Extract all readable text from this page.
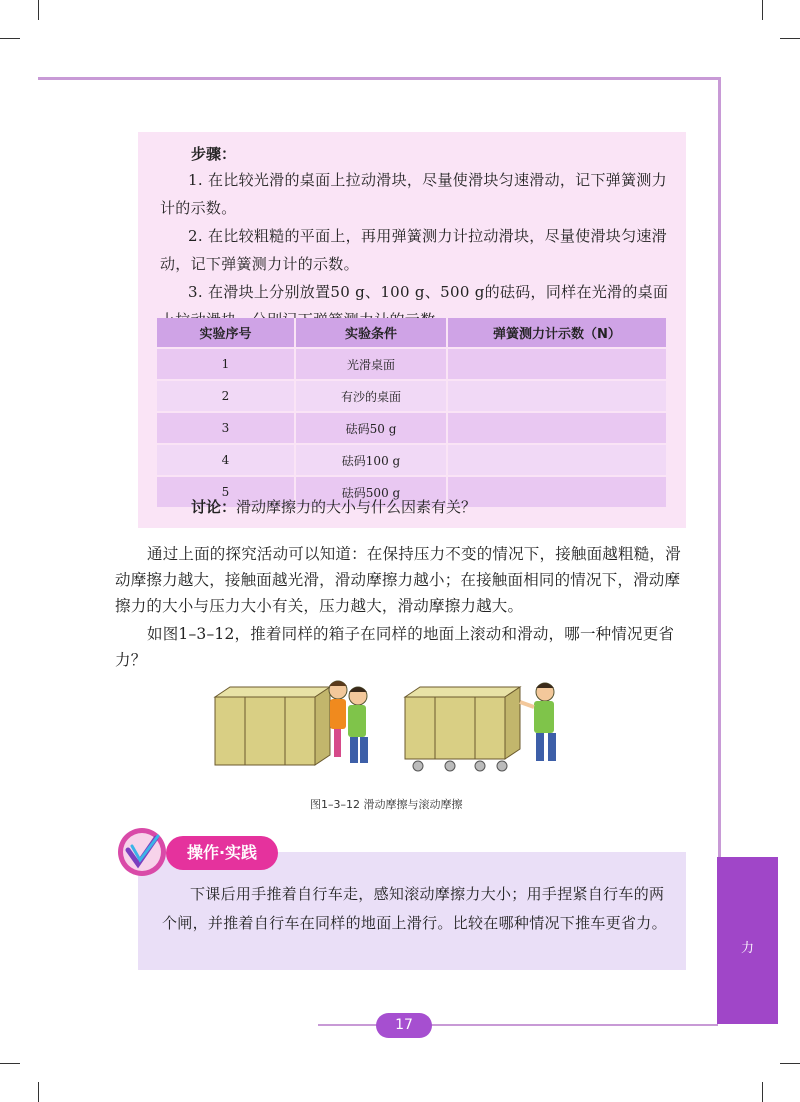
力
步骤：
1. 在比较光滑的桌面上拉动滑块，尽量使滑块匀速滑动，记下弹簧测力计的示数。
2. 在比较粗糙的平面上，再用弹簧测力计拉动滑块，尽量使滑块匀速滑动，记下弹簧测力计的示数。
3. 在滑块上分别放置50 g、100 g、500 g的砝码，同样在光滑的桌面
实验序号	实验条件	弹簧测力计示数（N）
1	光滑桌面	
2	有沙的桌面	
3	砝码50 g	
4	砝码100 g	
5	砝码500 g	
讨论：滑动摩擦力的大小与什么因素有关？
通过上面的探究活动可以知道：在保持压力不变的情况下，接触面越粗糙，滑动摩擦力越大，接触面越光滑，滑动摩擦力越小；在接触面相同的情况下，滑动摩擦力的大小与压力大小有关，压力越大，滑动摩擦力越大。
如图1–3–12，推着同样的箱子在同样的地面上滚动和滑动，哪一种情况更省力？
图1–3–12 滑动摩擦与滚动摩擦
操作·实践
下课后用手推着自行车走，感知滚动摩擦力大小；用手捏紧自行车的两个闸，并推着自行车在同样的地面上滑行。比较在哪种情况下推车更省力。
17
